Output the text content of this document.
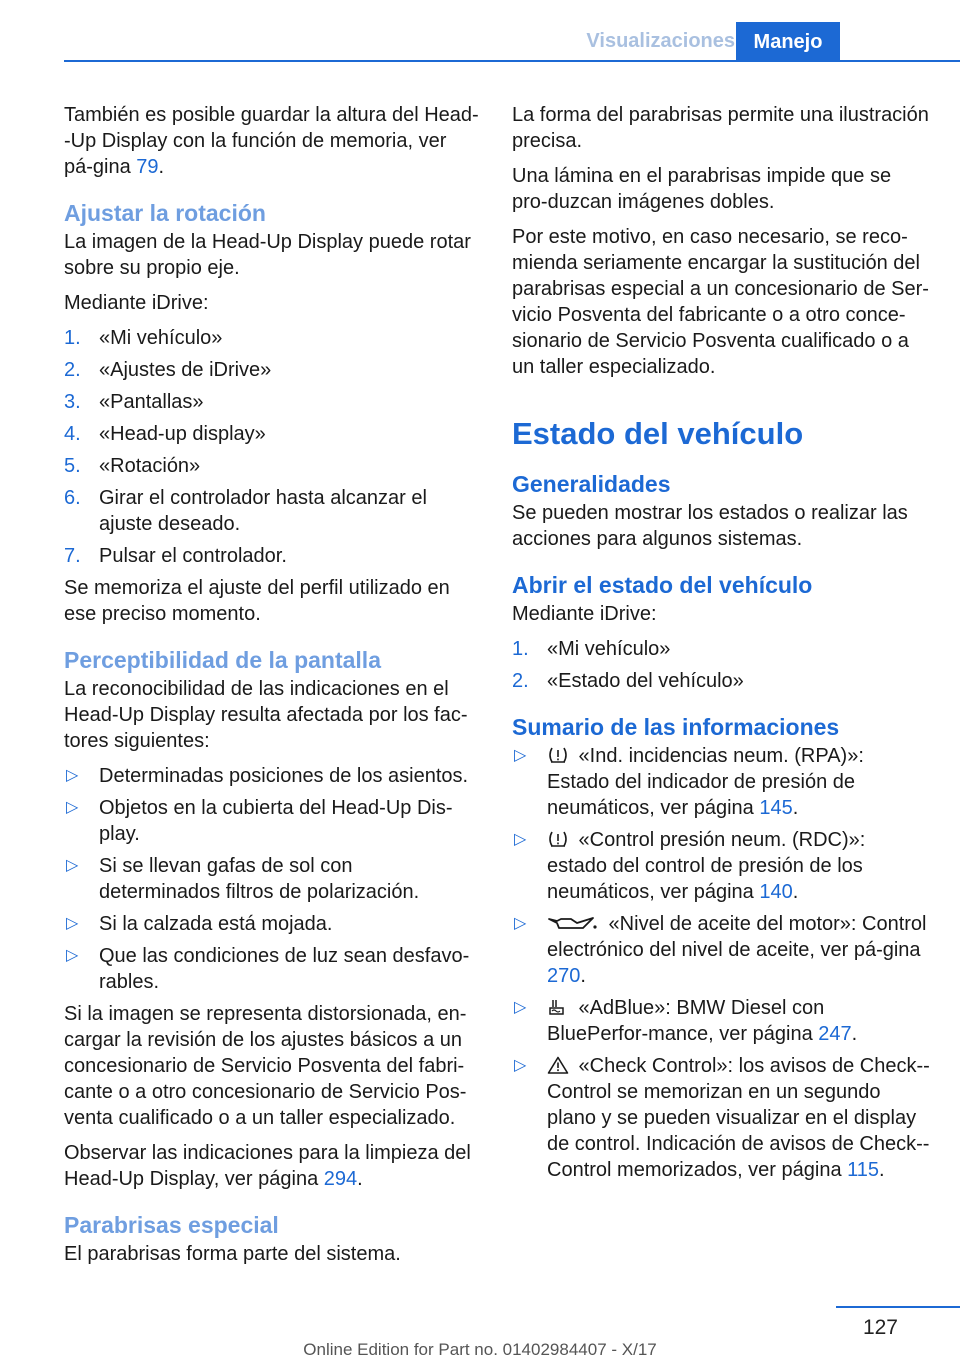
Visualizaciones Manejo

También es posible guardar la altura del Head--Up Display con la función de memoria, ver pá-gina 79.

Ajustar la rotación

La imagen de la Head-Up Display puede rotar sobre su propio eje.

Mediante iDrive:

1. «Mi vehículo»
2. «Ajustes de iDrive»
3. «Pantallas»
4. «Head-up display»
5. «Rotación»
6. Girar el controlador hasta alcanzar el ajuste deseado.
7. Pulsar el controlador.

Se memoriza el ajuste del perfil utilizado en ese preciso momento.

Perceptibilidad de la pantalla

La reconocibilidad de las indicaciones en el Head-Up Display resulta afectada por los fac-tores siguientes:

▷ Determinadas posiciones de los asientos.
▷ Objetos en la cubierta del Head-Up Dis-play.
▷ Si se llevan gafas de sol con determinados filtros de polarización.
▷ Si la calzada está mojada.
▷ Que las condiciones de luz sean desfavo-rables.

Si la imagen se representa distorsionada, en-cargar la revisión de los ajustes básicos a un concesionario de Servicio Posventa del fabri-cante o a otro concesionario de Servicio Pos-venta cualificado o a un taller especializado.

Observar las indicaciones para la limpieza del Head-Up Display, ver página 294.

Parabrisas especial

El parabrisas forma parte del sistema.

La forma del parabrisas permite una ilustración precisa.

Una lámina en el parabrisas impide que se pro-duzcan imágenes dobles.

Por este motivo, en caso necesario, se reco-mienda seriamente encargar la sustitución del parabrisas especial a un concesionario de Ser-vicio Posventa del fabricante o a otro conce-sionario de Servicio Posventa cualificado o a un taller especializado.

Estado del vehículo
Generalidades

Se pueden mostrar los estados o realizar las acciones para algunos sistemas.

Abrir el estado del vehículo

Mediante iDrive:

1. «Mi vehículo»
2. «Estado del vehículo»
Sumario de las informaciones
▷ «Ind. incidencias neum. (RPA)»: Estado del indicador de presión de neumáticos, ver página 145.
▷ «Control presión neum. (RDC)»: estado del control de presión de los neumáticos, ver página 140.
▷	«Nivel de aceite del motor»: Control electrónico del nivel de aceite, ver pá-gina 270.
▷ «AdBlue»: BMW Diesel con BluePerfor-mance, ver página 247.
▷ «Check Control»: los avisos de Check--Control se memorizan en un segundo plano y se pueden visualizar en el display de control. Indicación de avisos de Check--Control memorizados, ver página 115.
127
Online Edition for Part no. 01402984407 - X/17
